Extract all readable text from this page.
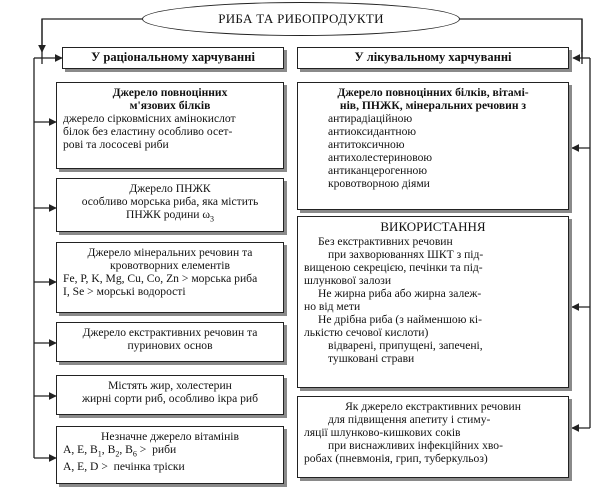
РИБА ТА РИБОПРОДУКТИ
У раціональному харчуванні	У лікувальному харчуванні
Джерело повноцінних
м'язових білків
джерело сірковмісних амінокислот
білок без еластину особливо осет-
рові та лососеві риби
Джерело ПНЖК
особливо морська риба, яка містить
ПНЖК родини $\omega_3$
Джерело мінеральних речовин та
кровотворних елементів
Fe, P, K, Mg, Cu, Co, Zn > морська риба
I, Se > морські водорості
Джерело екстрактивних речовин та
пуринових основ
Містять жир, холестерин
жирні сорти риб, особливо ікра риб
Незначне джерело вітамінів
A, E, $B_1$, $B_2$, $B_6$ > риби
A, E, D > печінка тріски
Джерело повноцінних білків, вітамі-
нів, ПНЖК, мінеральних речовин з
антирадіаційною
антиоксидантною
антитоксичною
антихолестериновою
антиканцерогенною
кровотворною діями
ВИКОРИСТАННЯ
Без екстрактивних речовин
при захворюваннях ШКТ з під-
вищеною секрецією, печінки та під-
шлункової залози
Не жирна риба або жирна залеж-
но від мети
Не дрібна риба (з найменшою кі-
лькістю сечової кислоти)
відварені, припущені, запечені,
тушковані страви
Як джерело екстрактивних речовин
для підвищення апетиту і стиму-
ляції шлунково-кишкових соків
при виснажливих інфекційних хво-
робах (пневмонія, грип, туберкульоз)
